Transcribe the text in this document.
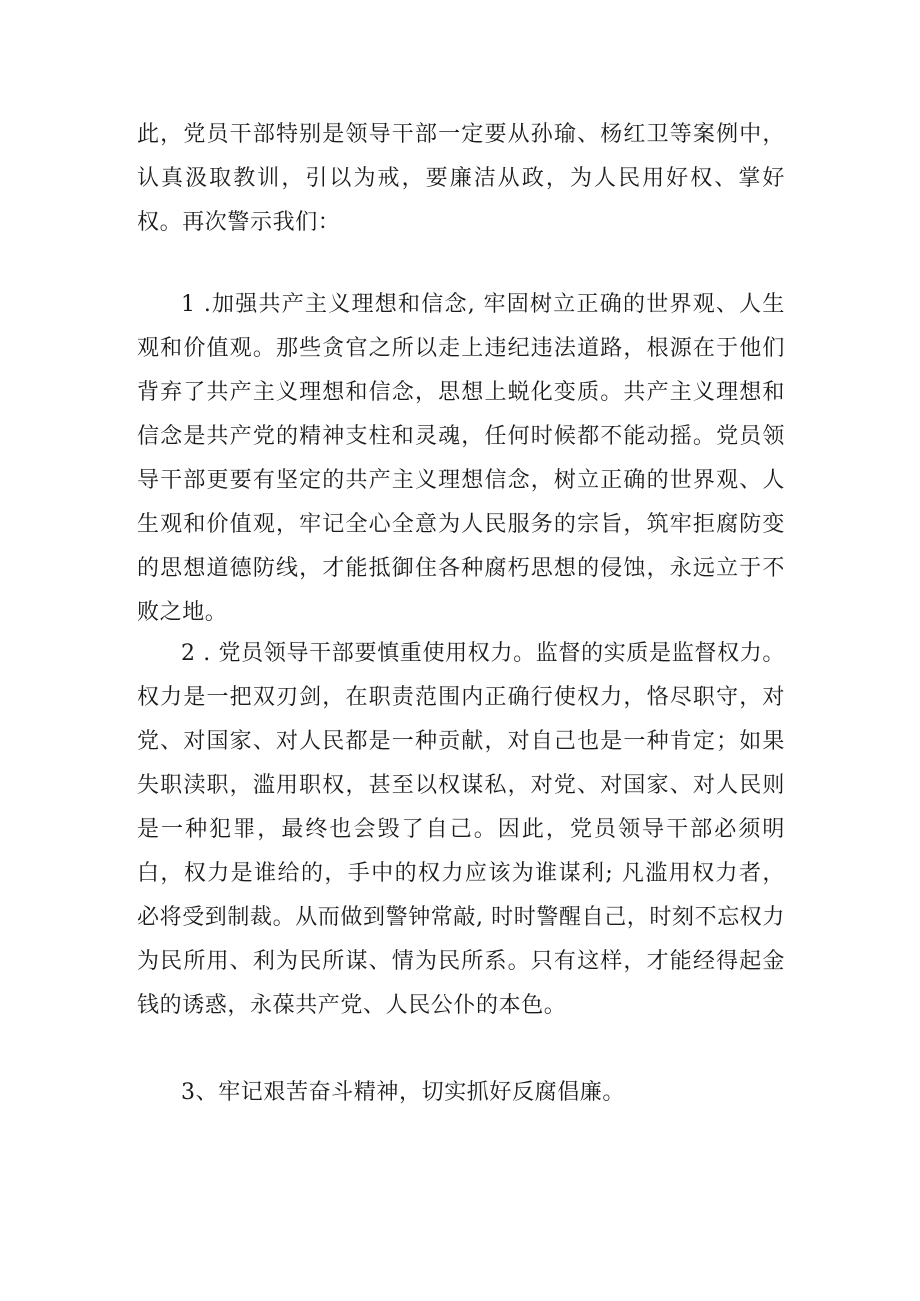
此，党员干部特别是领导干部一定要从孙瑜、杨红卫等案例中，认真汲取教训，引以为戒，要廉洁从政，为人民用好权、掌好权。再次警示我们：

1 .加强共产主义理想和信念, 牢固树立正确的世界观、人生观和价值观。那些贪官之所以走上违纪违法道路，根源在于他们背弃了共产主义理想和信念，思想上蜕化变质。共产主义理想和信念是共产党的精神支柱和灵魂，任何时候都不能动摇。党员领导干部更要有坚定的共产主义理想信念，树立正确的世界观、人生观和价值观，牢记全心全意为人民服务的宗旨，筑牢拒腐防变的思想道德防线，才能抵御住各种腐朽思想的侵蚀，永远立于不败之地。

2 . 党员领导干部要慎重使用权力。监督的实质是监督权力。权力是一把双刃剑，在职责范围内正确行使权力，恪尽职守，对党、对国家、对人民都是一种贡献，对自己也是一种肯定；如果失职渎职，滥用职权，甚至以权谋私，对党、对国家、对人民则是一种犯罪，最终也会毁了自己。因此，党员领导干部必须明白，权力是谁给的，手中的权力应该为谁谋利; 凡滥用权力者，必将受到制裁。从而做到警钟常敲, 时时警醒自己，时刻不忘权力为民所用、利为民所谋、情为民所系。只有这样，才能经得起金钱的诱惑，永葆共产党、人民公仆的本色。

3、牢记艰苦奋斗精神，切实抓好反腐倡廉。
